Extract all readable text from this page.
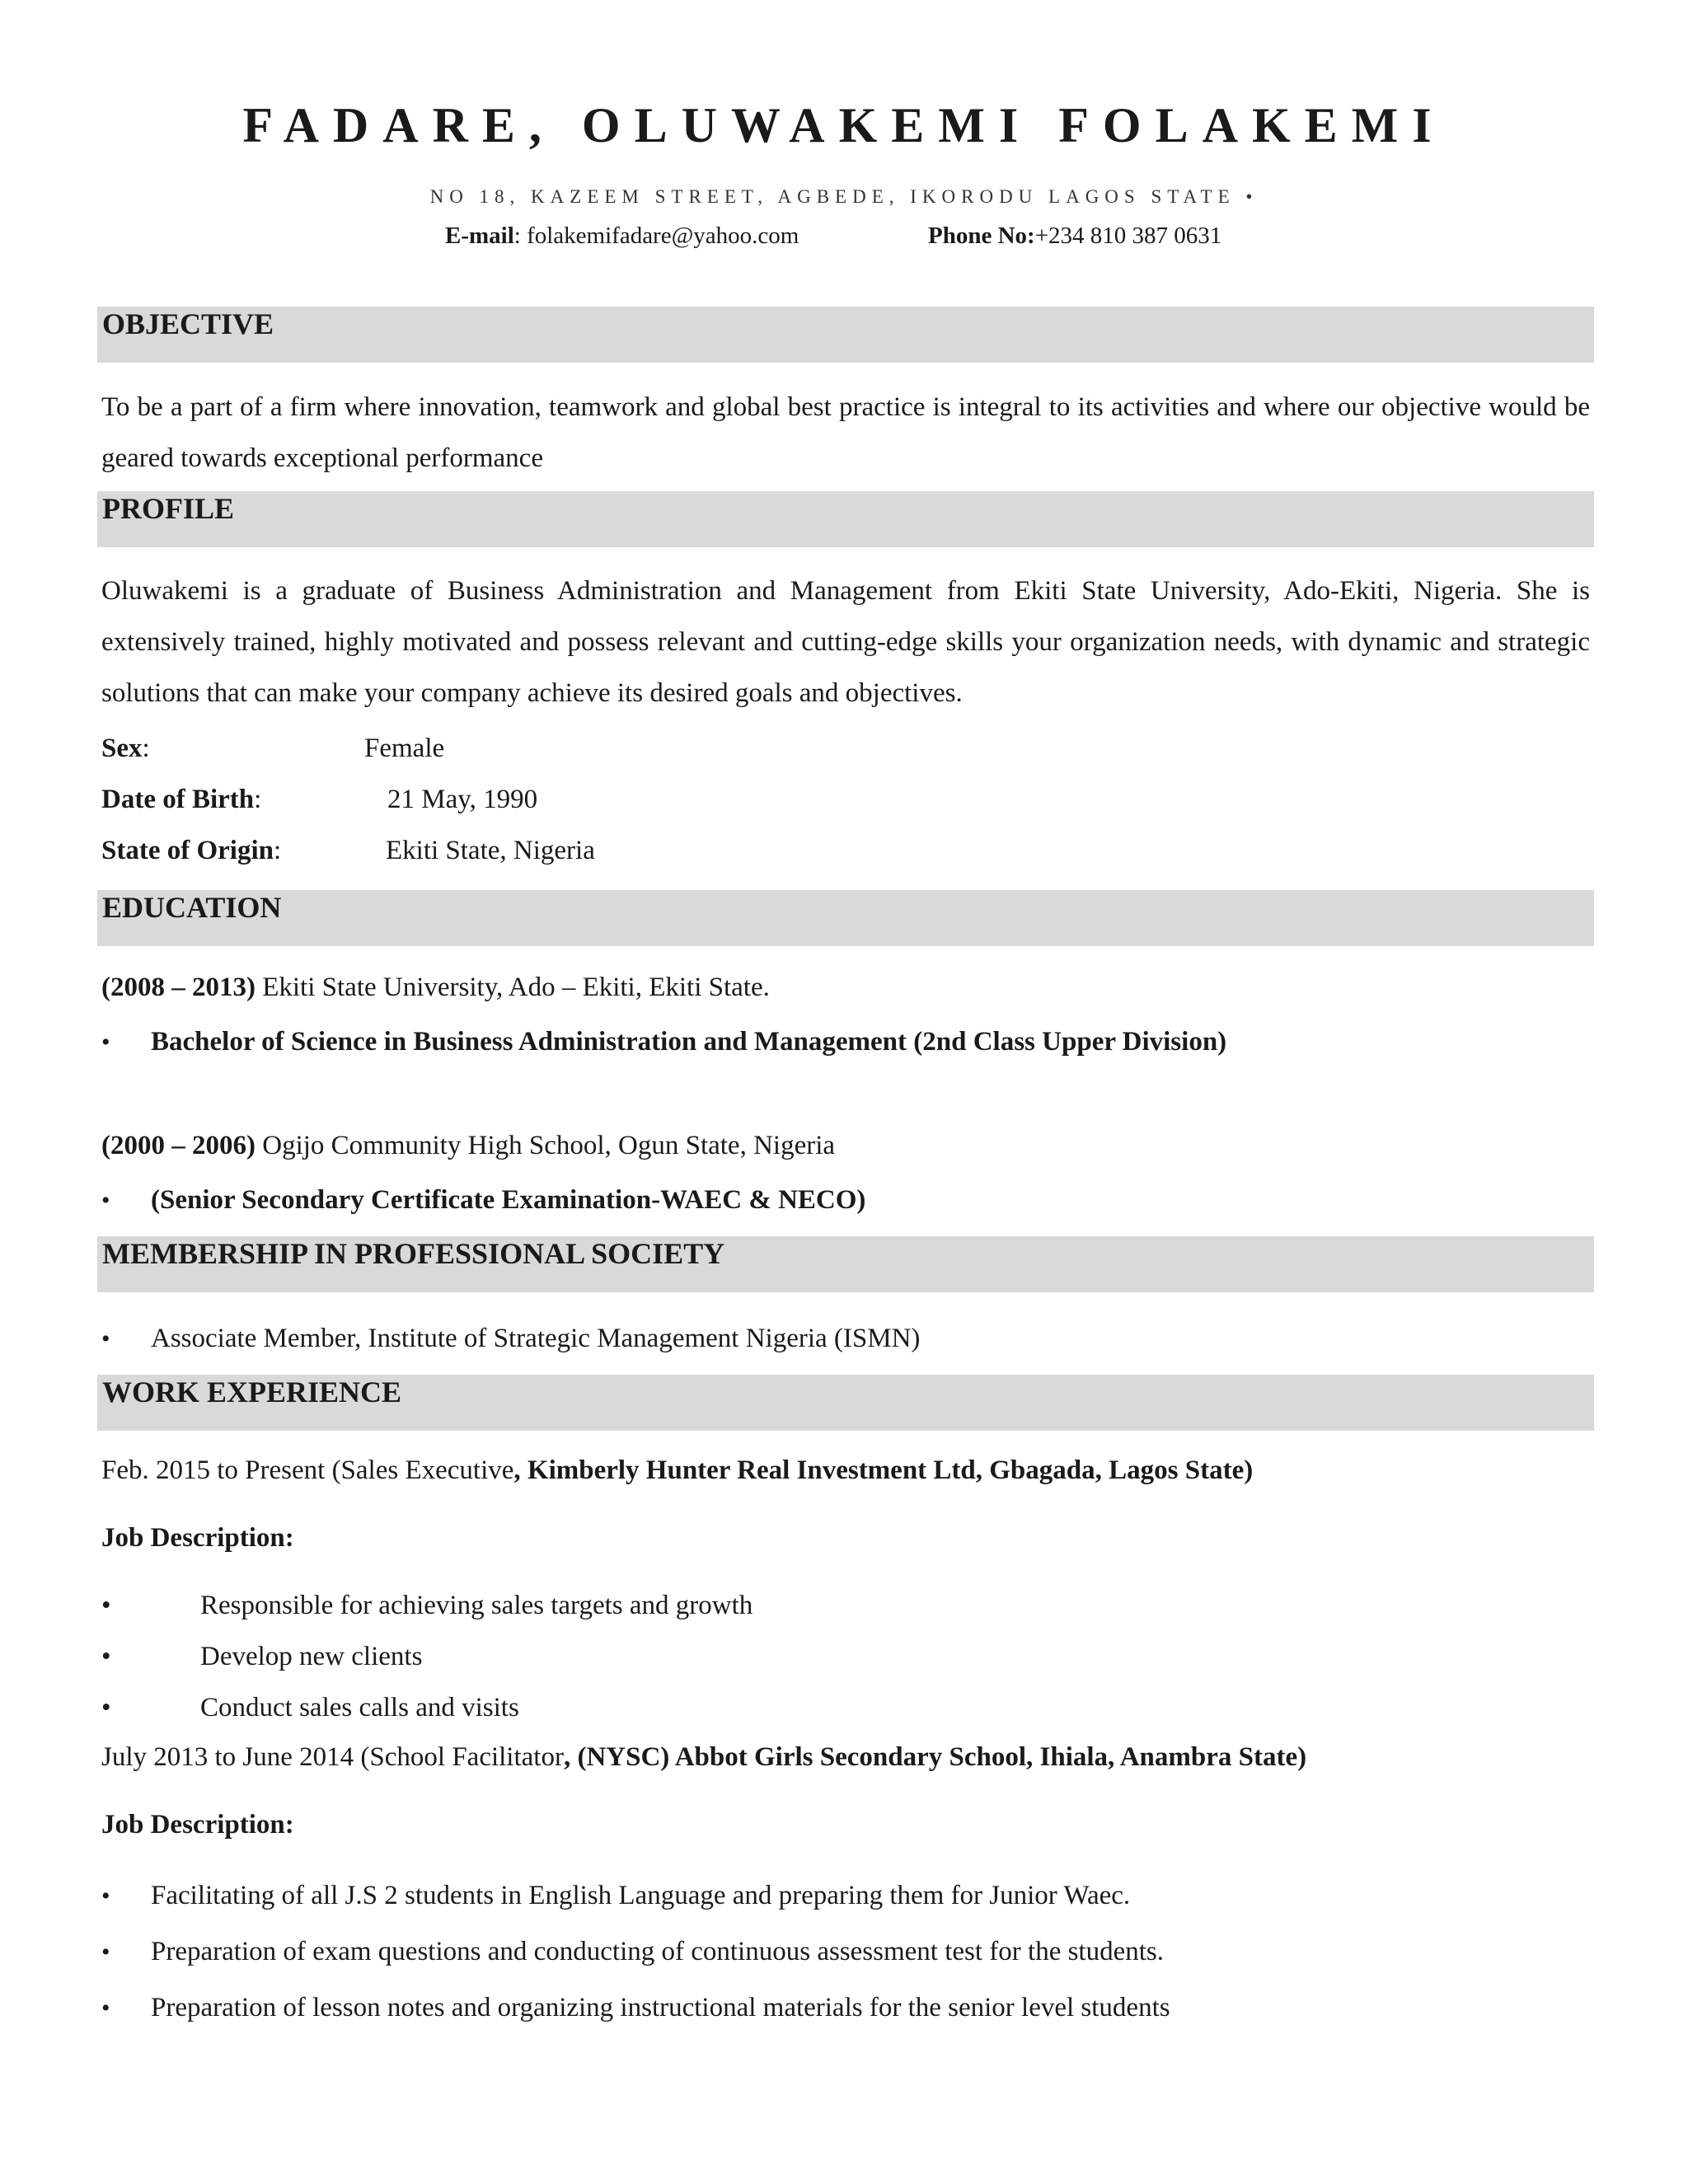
FADARE, OLUWAKEMI FOLAKEMI
NO 18, KAZEEM STREET, AGBEDE, IKORODU LAGOS STATE •
E-mail: folakemifadare@yahoo.com	Phone No:+234 810 387 0631
OBJECTIVE
To be a part of a firm where innovation, teamwork and global best practice is integral to its activities and where our objective would be geared towards exceptional performance
PROFILE
Oluwakemi is a graduate of Business Administration and Management from Ekiti State University, Ado-Ekiti, Nigeria. She is extensively trained, highly motivated and possess relevant and cutting-edge skills your organization needs, with dynamic and strategic solutions that can make your company achieve its desired goals and objectives.
Sex:	Female
Date of Birth:	21 May, 1990
State of Origin:	Ekiti State, Nigeria
EDUCATION
(2008 – 2013) Ekiti State University, Ado – Ekiti, Ekiti State.
• Bachelor of Science in Business Administration and Management (2nd Class Upper Division)
(2000 – 2006) Ogijo Community High School, Ogun State, Nigeria
• (Senior Secondary Certificate Examination-WAEC & NECO)
MEMBERSHIP IN PROFESSIONAL SOCIETY
• Associate Member, Institute of Strategic Management Nigeria (ISMN)
WORK EXPERIENCE
Feb. 2015 to Present (Sales Executive, Kimberly Hunter Real Investment Ltd, Gbagada, Lagos State)
Job Description:
•	Responsible for achieving sales targets and growth
•	Develop new clients
•	Conduct sales calls and visits
July 2013 to June 2014 (School Facilitator, (NYSC) Abbot Girls Secondary School, Ihiala, Anambra State)
Job Description:
• Facilitating of all J.S 2 students in English Language and preparing them for Junior Waec.
• Preparation of exam questions and conducting of continuous assessment test for the students.
• Preparation of lesson notes and organizing instructional materials for the senior level students
